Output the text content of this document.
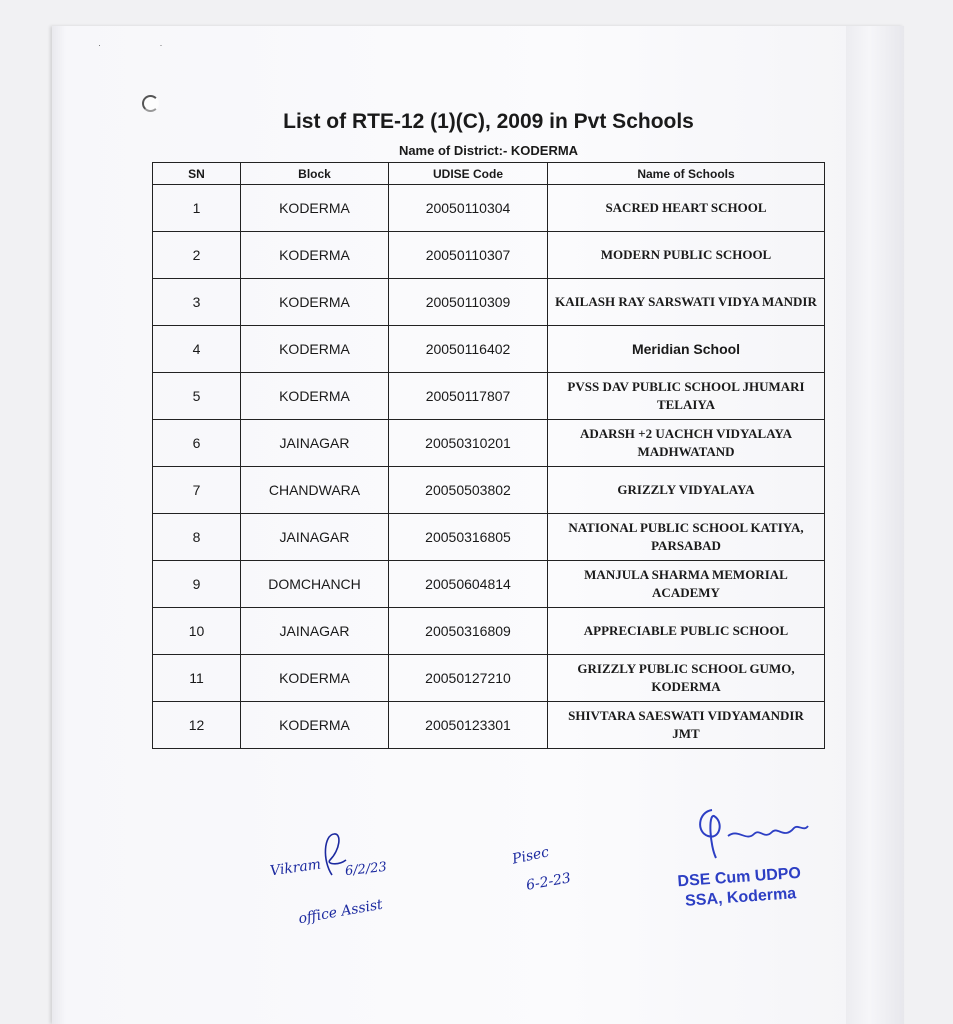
· ·
List of RTE-12 (1)(C), 2009 in Pvt Schools
Name of District:- KODERMA
SN	Block	UDISE Code	Name of Schools
1	KODERMA	20050110304	SACRED HEART SCHOOL
2	KODERMA	20050110307	MODERN PUBLIC SCHOOL
3	KODERMA	20050110309	KAILASH RAY SARSWATI VIDYA MANDIR
4	KODERMA	20050116402	Meridian School
5	KODERMA	20050117807	PVSS DAV PUBLIC SCHOOL JHUMARI TELAIYA
6	JAINAGAR	20050310201	ADARSH +2 UACHCH VIDYALAYA MADHWATAND
7	CHANDWARA	20050503802	GRIZZLY VIDYALAYA
8	JAINAGAR	20050316805	NATIONAL PUBLIC SCHOOL KATIYA, PARSABAD
9	DOMCHANCH	20050604814	MANJULA SHARMA MEMORIAL ACADEMY
10	JAINAGAR	20050316809	APPRECIABLE PUBLIC SCHOOL
11	KODERMA	20050127210	GRIZZLY PUBLIC SCHOOL GUMO, KODERMA
12	KODERMA	20050123301	SHIVTARA SAESWATI VIDYAMANDIR JMT
Vikram 6/2/23
office Assist
Pisec
6-2-23	DSE Cum UDPO
SSA, Koderma
